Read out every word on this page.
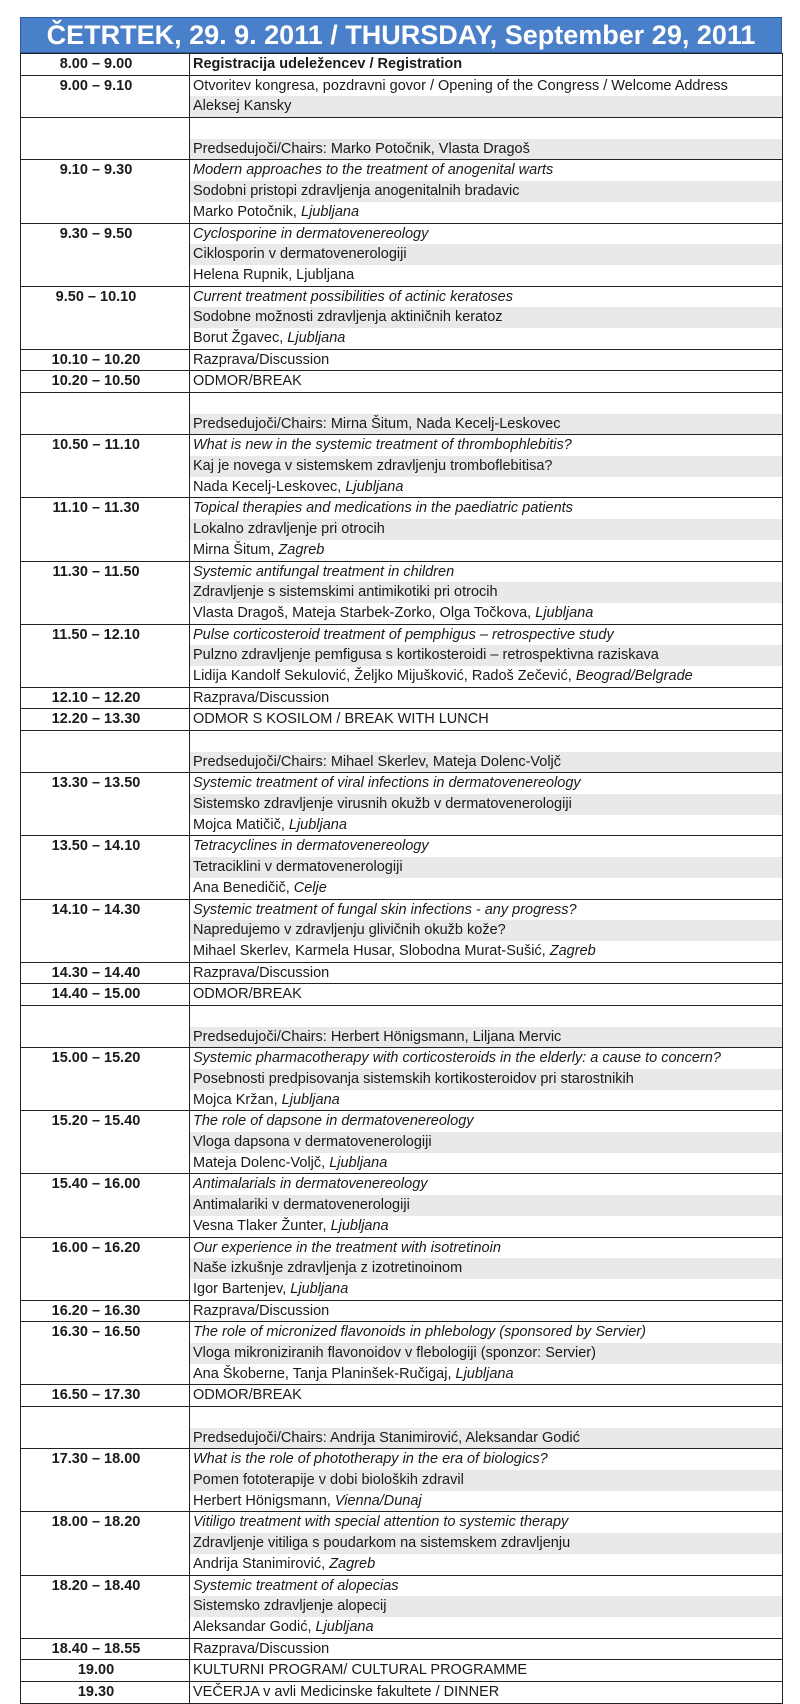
ČETRTEK, 29. 9. 2011 / THURSDAY, September 29, 2011
8.00 – 9.00	Registracija udeležencev / Registration

9.00 – 9.10	Otvoritev kongresa, pozdravni govor / Opening of the Congress / Welcome Address
Aleksej Kansky

	Predsedujoči/Chairs: Marko Potočnik, Vlasta Dragoš

9.10 – 9.30	Modern approaches to the treatment of anogenital warts
Sodobni pristopi zdravljenja anogenitalnih bradavic
Marko Potočnik, Ljubljana

9.30 – 9.50	Cyclosporine in dermatovenereology
Ciklosporin v dermatovenerologiji
Helena Rupnik, Ljubljana

9.50 – 10.10	Current treatment possibilities of actinic keratoses
Sodobne možnosti zdravljenja aktiničnih keratoz
Borut Žgavec, Ljubljana

10.10 – 10.20	Razprava/Discussion

10.20 – 10.50	ODMOR/BREAK

	Predsedujoči/Chairs: Mirna Šitum, Nada Kecelj-Leskovec

10.50 – 11.10	What is new in the systemic treatment of thrombophlebitis?
Kaj je novega v sistemskem zdravljenju tromboflebitisa?
Nada Kecelj-Leskovec, Ljubljana

11.10 – 11.30	Topical therapies and medications in the paediatric patients
Lokalno zdravljenje pri otrocih
Mirna Šitum, Zagreb

11.30 – 11.50	Systemic antifungal treatment in children
Zdravljenje s sistemskimi antimikotiki pri otrocih
Vlasta Dragoš, Mateja Starbek-Zorko, Olga Točkova, Ljubljana

11.50 – 12.10	Pulse corticosteroid treatment of pemphigus – retrospective study
Pulzno zdravljenje pemfigusa s kortikosteroidi – retrospektivna raziskava
Lidija Kandolf Sekulović, Željko Mijušković, Radoš Zečević, Beograd/Belgrade

12.10 – 12.20	Razprava/Discussion

12.20 – 13.30	ODMOR S KOSILOM / BREAK WITH LUNCH

	Predsedujoči/Chairs: Mihael Skerlev, Mateja Dolenc-Voljč

13.30 – 13.50	Systemic treatment of viral infections in dermatovenereology
Sistemsko zdravljenje virusnih okužb v dermatovenerologiji
Mojca Matičič, Ljubljana

13.50 – 14.10	Tetracyclines in dermatovenereology
Tetraciklini v dermatovenerologiji
Ana Benedičič, Celje

14.10 – 14.30	Systemic treatment of fungal skin infections - any progress?
Napredujemo v zdravljenju glivičnih okužb kože?
Mihael Skerlev, Karmela Husar, Slobodna Murat-Sušić, Zagreb

14.30 – 14.40	Razprava/Discussion

14.40 – 15.00	ODMOR/BREAK

	Predsedujoči/Chairs: Herbert Hönigsmann, Liljana Mervic

15.00 – 15.20	Systemic pharmacotherapy with corticosteroids in the elderly: a cause to concern?
Posebnosti predpisovanja sistemskih kortikosteroidov pri starostnikih
Mojca Kržan, Ljubljana

15.20 – 15.40	The role of dapsone in dermatovenereology
Vloga dapsona v dermatovenerologiji
Mateja Dolenc-Voljč, Ljubljana

15.40 – 16.00	Antimalarials in dermatovenereology
Antimalariki v dermatovenerologiji
Vesna Tlaker Žunter, Ljubljana

16.00 – 16.20	Our experience in the treatment with isotretinoin
Naše izkušnje zdravljenja z izotretinoinom
Igor Bartenjev, Ljubljana

16.20 – 16.30	Razprava/Discussion

16.30 – 16.50	The role of micronized flavonoids in phlebology (sponsored by Servier)
Vloga mikroniziranih flavonoidov v flebologiji (sponzor: Servier)
Ana Škoberne, Tanja Planinšek-Ručigaj, Ljubljana

16.50 – 17.30	ODMOR/BREAK

	Predsedujoči/Chairs: Andrija Stanimirović, Aleksandar Godić

17.30 – 18.00	What is the role of phototherapy in the era of biologics?
Pomen fototerapije v dobi bioloških zdravil
Herbert Hönigsmann, Vienna/Dunaj

18.00 – 18.20	Vitiligo treatment with special attention to systemic therapy
Zdravljenje vitiliga s poudarkom na sistemskem zdravljenju
Andrija Stanimirović, Zagreb

18.20 – 18.40	Systemic treatment of alopecias
Sistemsko zdravljenje alopecij
Aleksandar Godić, Ljubljana

18.40 – 18.55	Razprava/Discussion

19.00	KULTURNI PROGRAM/ CULTURAL PROGRAMME

19.30	VEČERJA v avli Medicinske fakultete / DINNER
